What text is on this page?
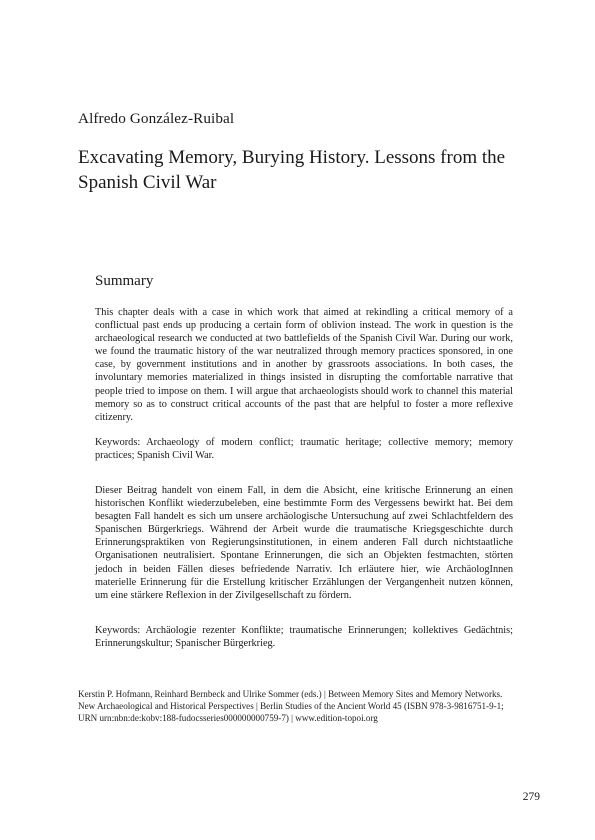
Alfredo González-Ruibal
Excavating Memory, Burying History. Lessons from the Spanish Civil War
Summary

This chapter deals with a case in which work that aimed at rekindling a critical memory of a conflictual past ends up producing a certain form of oblivion instead. The work in question is the archaeological research we conducted at two battlefields of the Spanish Civil War. During our work, we found the traumatic history of the war neutralized through memory practices sponsored, in one case, by government institutions and in another by grassroots associations. In both cases, the involuntary memories materialized in things insisted in disrupting the comfortable narrative that people tried to impose on them. I will argue that archaeologists should work to channel this material memory so as to construct critical accounts of the past that are helpful to foster a more reflexive citizenry.

Keywords: Archaeology of modern conflict; traumatic heritage; collective memory; memory practices; Spanish Civil War.

Dieser Beitrag handelt von einem Fall, in dem die Absicht, eine kritische Erinnerung an einen historischen Konflikt wiederzubeleben, eine bestimmte Form des Vergessens bewirkt hat. Bei dem besagten Fall handelt es sich um unsere archäologische Untersuchung auf zwei Schlachtfeldern des Spanischen Bürgerkriegs. Während der Arbeit wurde die traumatische Kriegsgeschichte durch Erinnerungspraktiken von Regierungsinstitutionen, in einem anderen Fall durch nichtstaatliche Organisationen neutralisiert. Spontane Erinnerungen, die sich an Objekten festmachten, störten jedoch in beiden Fällen dieses befriedende Narrativ. Ich erläutere hier, wie ArchäologInnen materielle Erinnerung für die Erstellung kritischer Erzählungen der Vergangenheit nutzen können, um eine stärkere Reflexion in der Zivilgesellschaft zu fördern.

Keywords: Archäologie rezenter Konflikte; traumatische Erinnerungen; kollektives Gedächtnis; Erinnerungskultur; Spanischer Bürgerkrieg.

Kerstin P. Hofmann, Reinhard Bernbeck and Ulrike Sommer (eds.) | Between Memory Sites and Memory Networks. New Archaeological and Historical Perspectives | Berlin Studies of the Ancient World 45 (ISBN 978-3-9816751-9-1; URN urn:nbn:de:kobv:188-fudocsseries000000000759-7) | www.edition-topoi.org
279
